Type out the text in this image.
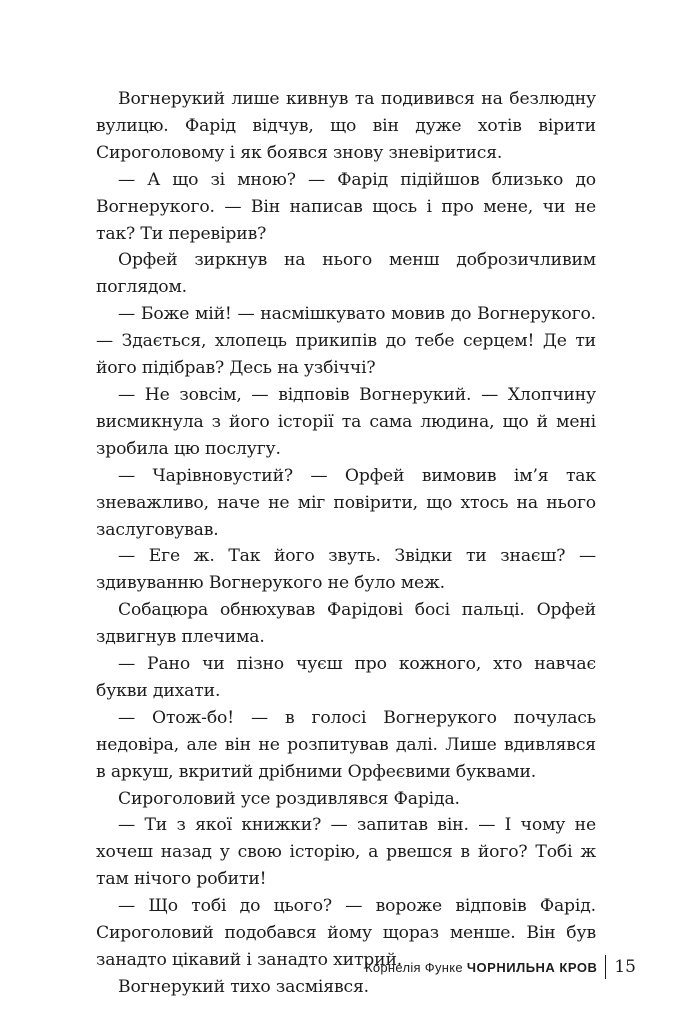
Вогнерукий лише кивнув та подивився на безлюдну вулицю. Фарід відчув, що він дуже хотів вірити Сироголовому і як боявся знову зневіритися.

— А що зі мною? — Фарід підійшов близько до Вогнерукого. — Він написав щось і про мене, чи не так? Ти перевірив?

Орфей зиркнув на нього менш доброзичливим поглядом.

— Боже мій! — насмішкувато мовив до Вогнерукого. — Здається, хлопець прикипів до тебе серцем! Де ти його підібрав? Десь на узбіччі?

— Не зовсім, — відповів Вогнерукий. — Хлопчину висмикнула з його історії та сама людина, що й мені зробила цю послугу.

— Чарівновустий? — Орфей вимовив ім’я так зневажливо, наче не міг повірити, що хтось на нього заслуговував.

— Еге ж. Так його звуть. Звідки ти знаєш? — здивуванню Вогнерукого не було меж.

Собацюра обнюхував Фарідові босі пальці. Орфей здвигнув плечима.

— Рано чи пізно чуєш про кожного, хто навчає букви дихати.

— Отож-бо! — в голосі Вогнерукого почулась недовіра, але він не розпитував далі. Лише вдивлявся в аркуш, вкритий дрібними Орфеєвими буквами.

Сироголовий усе роздивлявся Фаріда.

— Ти з якої книжки? — запитав він. — І чому не хочеш назад у свою історію, а рвешся в його? Тобі ж там нічого робити!

— Що тобі до цього? — вороже відповів Фарід. Сироголовий подобався йому щораз менше. Він був занадто цікавий і занадто хитрий.

Вогнерукий тихо засміявся.

Корнелія Функе ЧОРНИЛЬНА КРОВ 15
